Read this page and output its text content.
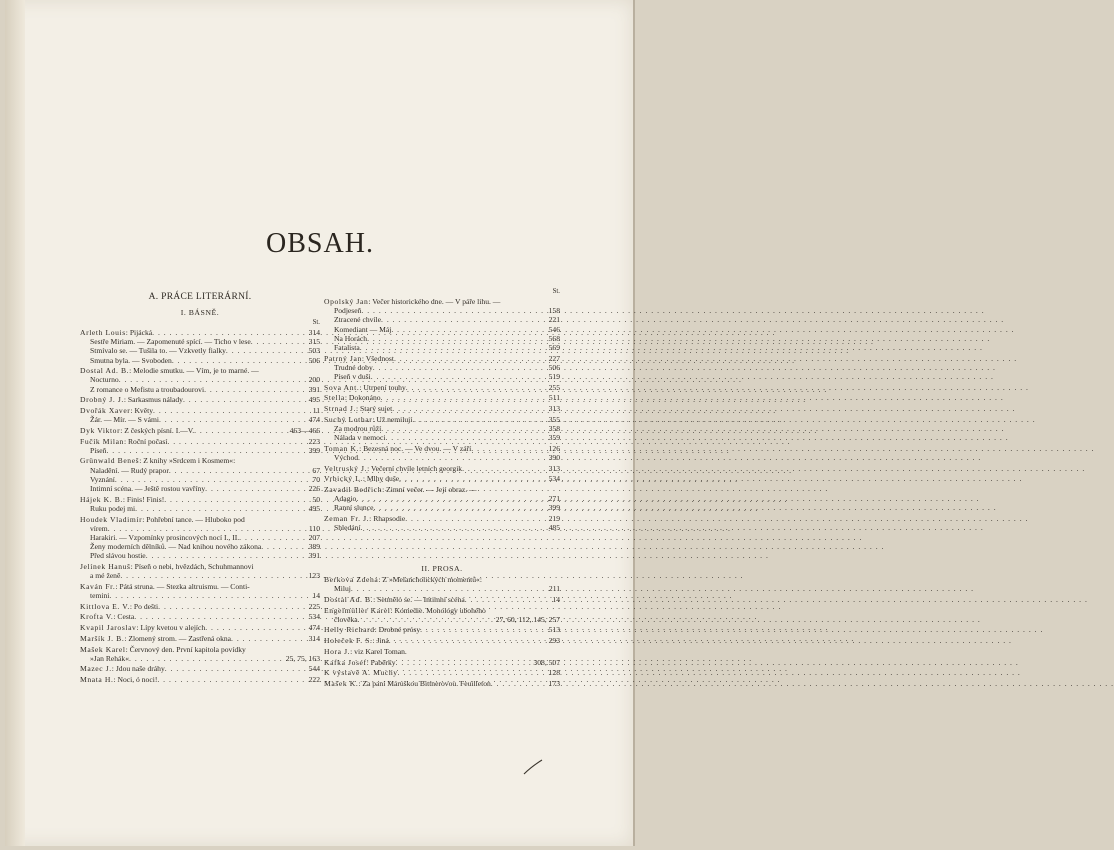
OBSAH.
A. PRÁCE LITERÁRNÍ.
I. BÁSNĚ.
St.
Arleth Louis: Pijácká . . .	314
Sestře Miriam. — Zapomenuté spící. — Ticho v lese . . .	315
Stmívalo se. — Tušila to. — Vzkvetly fialky . . .	503
Smutna byla. — Svoboden . . .	506
Dostal Ad. B.: Melodie smutku. — Vím, je to marné. —
Nocturno . . .	200
Z romance o Mefistu a troubadourovi . . .	391
Drobný J. J.: Sarkasmus nálady . . .	495
Dvořák Xaver: Květy . . .	11
Žár. — Mír. — S vámi . . .	474
Dyk Viktor: Z českých písní. I.—V. . . .	463—466
Fučík Milan: Roční počasí . . .	223
Píseň . . .	399
Grünwald Beneš: Z knihy »Srdcem i Kosmem«:
Naladění. — Rudý prapor . . .	67
Vyznání . . .	70
Intimní scéna. — Ještě rostou vavříny . . .	226
Hájek K. B.: Finis! Finis! . . .	50
Ruku podej mi . . .	495
Houdek Vladimír: Pohřební tance. — Hluboko pod
vírem . . .	110
Harakiri. — Vzpomínky prosincových nocí I., II. . . .	207
Ženy moderních dělníků. — Nad knihou nového zákona . . .	389
Před slávou hostie . . .	391
Jelínek Hanuš: Píseň o nebi, hvězdách, Schuhmannovi
a mé ženě . . .	123
Kaván Fr.: Pátá struna. — Stezka altruismu. — Conti-
temini . . .	14
Kittlova E. V.: Po dešti . . .	225
Krofta V.: Cesta . . .	534
Kvapil Jaroslav: Lípy kvetou v alejích . . .	474
Maršík J. B.: Zlomený strom. — Zastřená okna . . .	314
Mašek Karel: Červnový den. První kapitola povídky
»Jan Rehák« . . .	25, 75, 163
Mazec J.: Jdou naše dráhy . . .	544
Mnata H.: Noci, ó noci! . . .	222
St.
Opolský Jan: Večer historického dne. — V páře lihu. —
Podjeseň . . .	158
Ztracené chvíle . . .	221
Komediant — Máj . . .	546
Na Horách . . .	568
Fatalista . . .	569
Patrný Jan: Všednost . . .	227
Trudné doby . . .	506
Píseň v duši . . .	519
Sova Ant.: Utrpení touhy . . .	255
Stella: Dokonáno . . .	511
Strnad J.: Starý sujet . . .	313
Suchý Lothar: Už nemilují . . .	355
Za modrou růží . . .	358
Nálada v nemoci . . .	359
Toman K.: Bezesná noc. — Ve dvou. — V září . . .	126
Východ . . .	390
Veltruský J.: Večerní chvíle letních georgik . . .	313
Vrbický L.: Mlhy duše . . .	534
Zavadil Bedřich: Zimní večer. — Její obraz. —
Adagio . . .	271
Ranní slunce . . .	399
Zeman Fr. J.: Rhapsodie . . .	219
Shledání . . .	485
II. PROSA.
Berkova Zdena: Z »Melancholických momentů«:
Miluj . . .	211
Dostal Ad. B.: Setmělo se. — Intimní scéna . . .	14
Engelmüller Karel: Komedie. Monology ubohého
člověka . . .	27, 60, 112, 145, 257
Helly Richard: Drobné prósy . . .	513
Holeček F. S.: Jiná . . .	293
Hora J.: viz Karel Toman.
Kafka Josef: Paběrky . . .	308, 507
K výstavě A. Muchy . . .	128
Mašek K.: Za paní Maruškou Bittnerovou. Feuilleton . . .	173
